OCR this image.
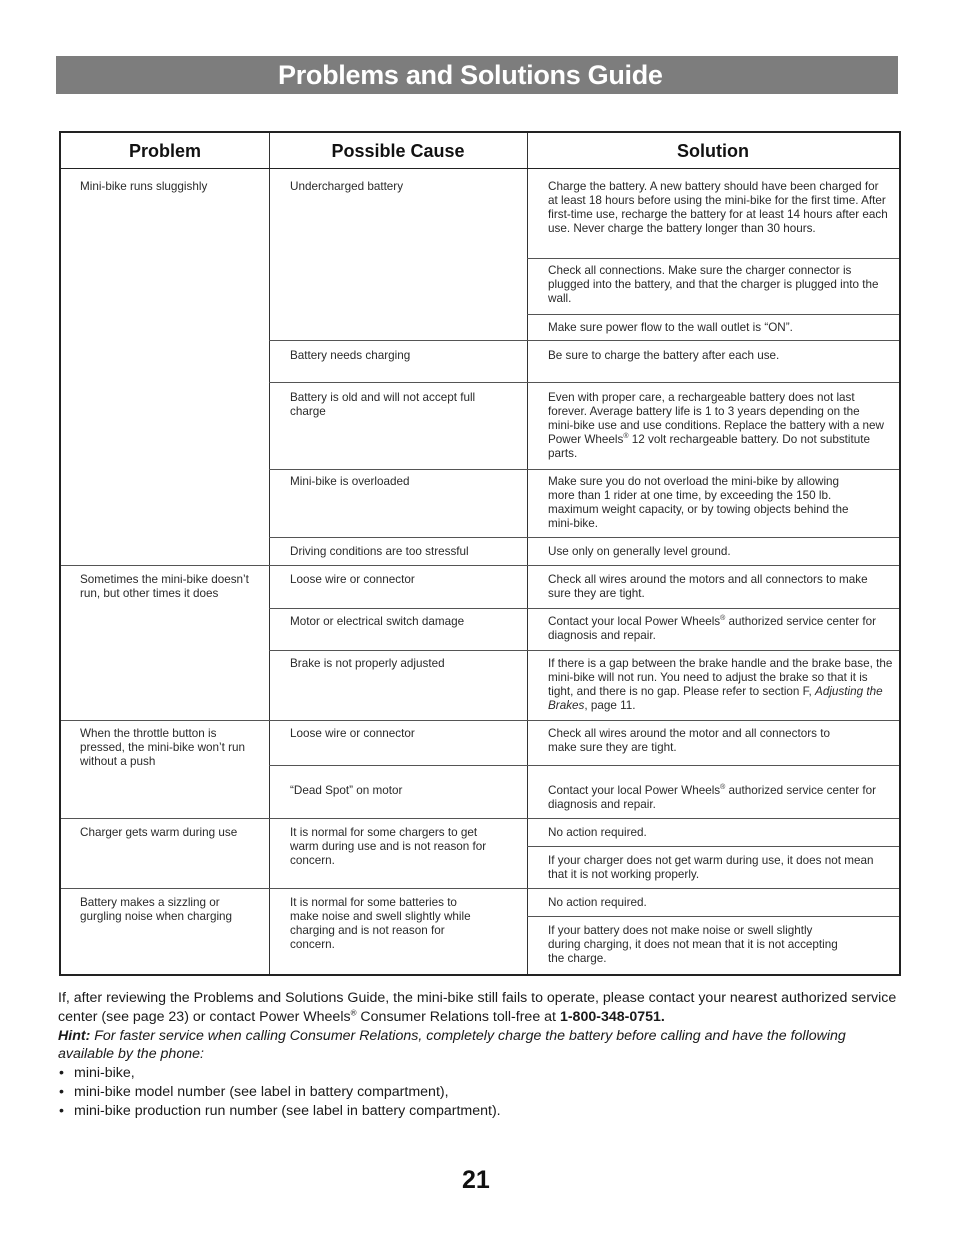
Problems and Solutions Guide
Problem	Possible Cause	Solution
Mini-bike runs sluggishly
Sometimes the mini-bike doesn’t run, but other times it does
When the throttle button is pressed, the mini-bike won’t run without a push
Charger gets warm during use
Battery makes a sizzling or gurgling noise when charging
Undercharged battery
Battery needs charging
Battery is old and will not accept full charge
Mini-bike is overloaded
Driving conditions are too stressful
Loose wire or connector
Motor or electrical switch damage
Brake is not properly adjusted
Loose wire or connector
“Dead Spot” on motor
It is normal for some chargers to get warm during use and is not reason for concern.
It is normal for some batteries to make noise and swell slightly while charging and is not reason for concern.
Charge the battery. A new battery should have been charged for at least 18 hours before using the mini-bike for the first time. After first-time use, recharge the battery for at least 14 hours after each use. Never charge the battery longer than 30 hours.
Check all connections. Make sure the charger connector is plugged into the battery, and that the charger is plugged into the wall.
Make sure power flow to the wall outlet is “ON”.
Be sure to charge the battery after each use.
Even with proper care, a rechargeable battery does not last forever. Average battery life is 1 to 3 years depending on the mini-bike use and use conditions. Replace the battery with a new Power Wheels® 12 volt rechargeable battery. Do not substitute parts.
Make sure you do not overload the mini-bike by allowing more than 1 rider at one time, by exceeding the 150 lb. maximum weight capacity, or by towing objects behind the mini-bike.
Use only on generally level ground.
Check all wires around the motors and all connectors to make sure they are tight.
Contact your local Power Wheels® authorized service center for diagnosis and repair.
If there is a gap between the brake handle and the brake base, the mini-bike will not run. You need to adjust the brake so that it is tight, and there is no gap. Please refer to section F, Adjusting the Brakes, page 11.
Check all wires around the motor and all connectors to make sure they are tight.
Contact your local Power Wheels® authorized service center for diagnosis and repair.
No action required.
If your charger does not get warm during use, it does not mean that it is not working properly.
No action required.
If your battery does not make noise or swell slightly during charging, it does not mean that it is not accepting the charge.

If, after reviewing the Problems and Solutions Guide, the mini-bike still fails to operate, please contact your nearest authorized service center (see page 23) or contact Power Wheels® Consumer Relations toll-free at 1-800-348-0751.

Hint: For faster service when calling Consumer Relations, completely charge the battery before calling and have the following available by the phone:

• mini-bike,
• mini-bike model number (see label in battery compartment),
• mini-bike production run number (see label in battery compartment).
21
